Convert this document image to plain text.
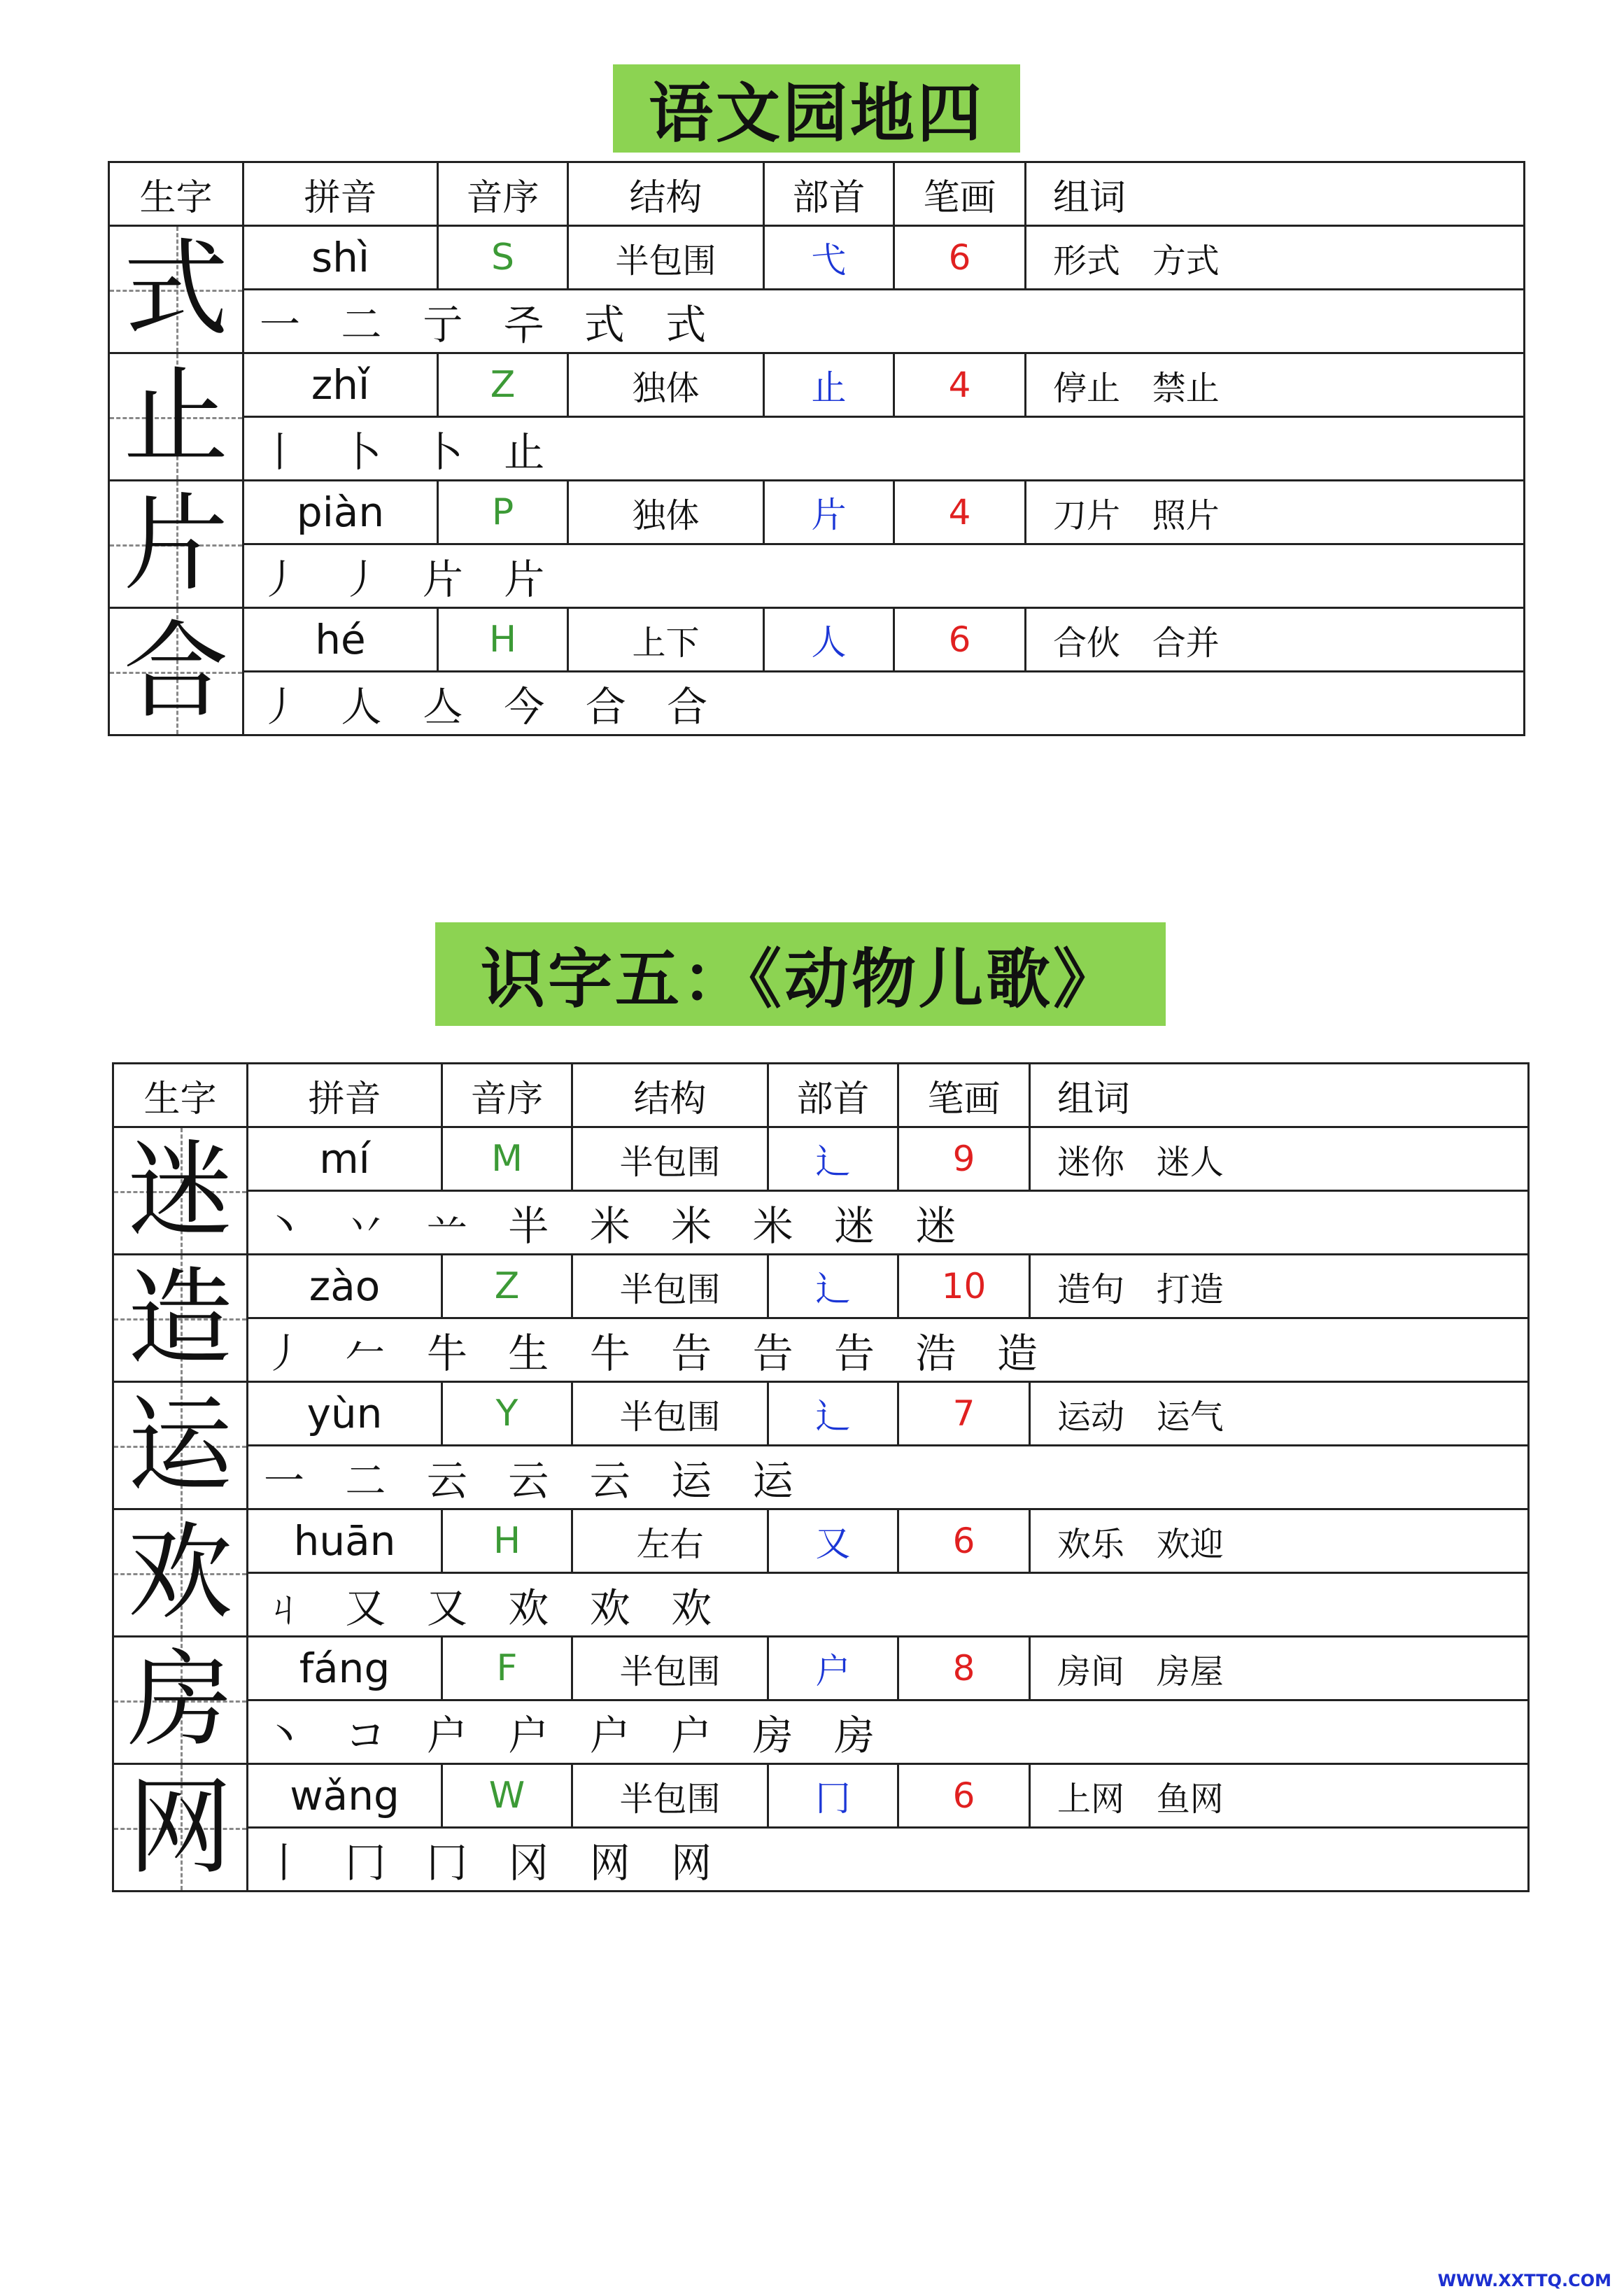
语文园地四
生字	拼音	音序	结构	部首	笔画	组词

式	shì	S	半包围	弋	6	形式   方式
	一 二 亍 주 式 式					

止	zhǐ	Z	独体	止	4	停止   禁止
	丨 卜 卜 止					

片	piàn	P	独体	片	4	刀片   照片
	丿 丿 片 片					

合	hé	H	上下	人	6	合伙   合并
	丿 人 亼 今 合 合					
识字五：《动物儿歌》
生字	拼音	音序	结构	部首	笔画	组词

迷	mí	M	半包围	辶	9	迷你   迷人
	丶 丷 䒑 半 米 米 米 迷 迷					

造	zào	Z	半包围	辶	10	造句   打造
	丿 𠂉 牛 生 牛 告 告 告 浩 造					

运	yùn	Y	半包围	辶	7	运动   运气
	一 二 云 云 云 运 运					

欢	huān	H	左右	又	6	欢乐   欢迎
	ㄐ 又 又 欢 欢 欢					

房	fáng	F	半包围	户	8	房间   房屋
	丶 コ 户 户 户 户 房 房					

网	wǎng	W	半包围	冂	6	上网   鱼网
	丨 冂 冂 冈 网 网					
WWW.XXTTQ.COM
